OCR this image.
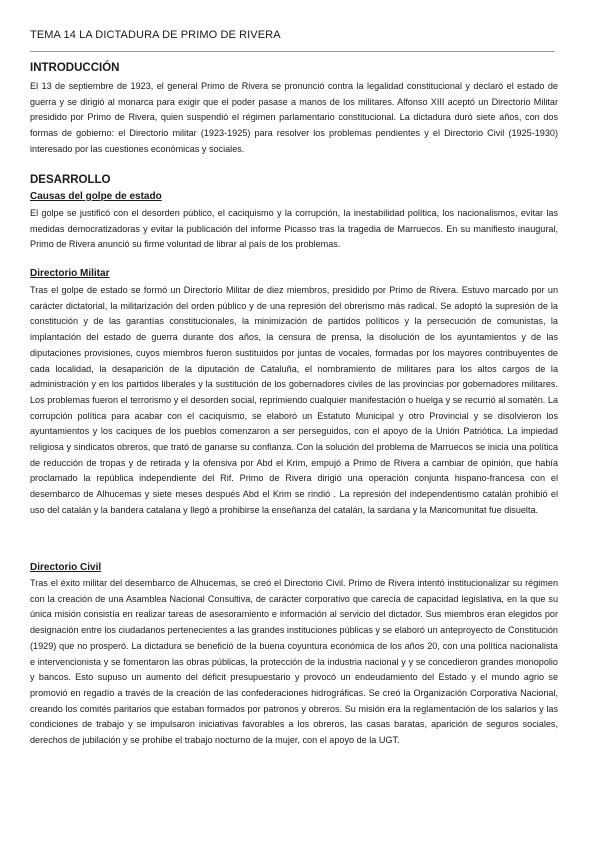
TEMA 14 LA DICTADURA DE PRIMO DE RIVERA
INTRODUCCIÓN

El 13 de septiembre de 1923, el general Primo de Rivera se pronunció contra la legalidad constitucional y declaró el estado de guerra y se dirigió al monarca para exigir que el poder pasase a manos de los militares. Alfonso XIII aceptó un Directorio Militar presidido por Primo de Rivera, quien suspendió el régimen parlamentario constitucional. La dictadura duró siete años, con dos formas de gobierno: el Directorio militar (1923-1925) para resolver los problemas pendientes y el Directorio Civil (1925-1930) interesado por las cuestiones económicas y sociales.

DESARROLLO
Causas del golpe de estado

El golpe se justificó con el desorden público, el caciquismo y la corrupción, la inestabilidad política, los nacionalismos, evitar las medidas democratizadoras y evitar la publicación del informe Picasso tras la tragedia de Marruecos. En su manifiesto inaugural, Primo de Rivera anunció su firme voluntad de librar al país de los problemas.

Directorio Militar

Tras el golpe de estado se formó un Directorio Militar de diez miembros, presidido por Primo de Rivera. Estuvo marcado por un carácter dictatorial, la militarización del orden público y de una represión del obrerismo más radical. Se adoptó la supresión de la constitución y de las garantías constitucionales, la minimización de partidos políticos y la persecución de comunistas, la implantación del estado de guerra durante dos años, la censura de prensa, la disolución de los ayuntamientos y de las diputaciones provisiones, cuyos miembros fueron sustituidos por juntas de vocales, formadas por los mayores contribuyentes de cada localidad, la desaparición de la diputación de Cataluña, el nombramiento de militares para los altos cargos de la administración y en los partidos liberales y la sustitución de los gobernadores civiles de las provincias por gobernadores militares. Los problemas fueron el terrorismo y el desorden social, reprimiendo cualquier manifestación o huelga y se recurrió al somatén. La corrupción política para acabar con el caciquismo, se elaboró un Estatuto Municipal y otro Provincial y se disolvieron los ayuntamientos y los caciques de los pueblos comenzaron a ser perseguidos, con el apoyo de la Unión Patriótica. La impiedad religiosa y sindicatos obreros, que trató de ganarse su confianza. Con la solución del problema de Marruecos se inicia una política de reducción de tropas y de retirada y la ofensiva por Abd el Krim, empujó a Primo de Rivera a cambiar de opinión, que había proclamado la república independiente del Rif. Primo de Rivera dirigió una operación conjunta hispano-francesa con el desembarco de Alhucemas y siete meses después Abd el Krim se rindió . La represión del independentismo catalán prohibió el uso del catalán y la bandera catalana y llegó a prohibirse la enseñanza del catalán, la sardana y la Mancomunitat fue disuelta.

Directorio Civil

Tras el éxito militar del desembarco de Alhucemas, se creó el Directorio Civil. Primo de Rivera intentó institucionalizar su régimen con la creación de una Asamblea Nacional Consultiva, de carácter corporativo que carecía de capacidad legislativa, en la que su única misión consistía en realizar tareas de asesoramiento e información al servicio del dictador. Sus miembros eran elegidos por designación entre los ciudadanos pertenecientes a las grandes instituciones públicas y se elaboró un anteproyecto de Constitución (1929) que no prosperó. La dictadura se benefició de la buena coyuntura económica de los años 20, con una política nacionalista e intervencionista y se fomentaron las obras públicas, la protección de la industria nacional y y se concedieron grandes monopolio y bancos. Esto supuso un aumento del déficit presupuestario y provocó un endeudamiento del Estado y el mundo agrio se promovió en regadío a través de la creación de las confederaciones hidrográficas. Se creó la Organización Corporativa Nacional, creando los comités paritarios que estaban formados por patronos y obreros. Su misión era la reglamentación de los salarios y las condiciones de trabajo y se impulsaron iniciativas favorables a los obreros, las casas baratas, aparición de seguros sociales, derechos de jubilación y se prohibe el trabajo nocturno de la mujer, con el apoyo de la UGT.
